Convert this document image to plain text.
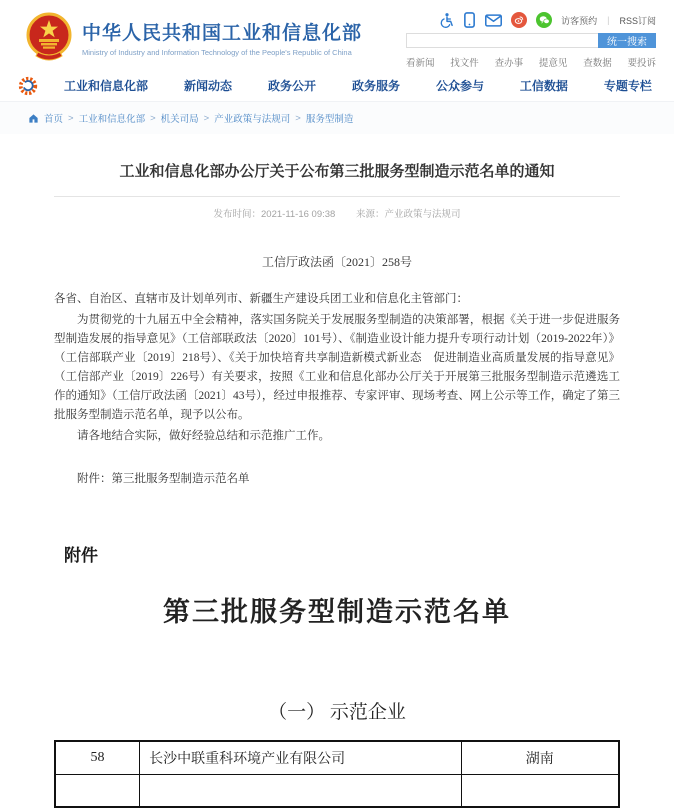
中华人民共和国工业和信息化部
Ministry of Industry and Information Technology of the People's Republic of China
访客预约 | RSS订阅
统一搜索
看新闻 找文件 查办事 提意见 查数据 要投诉
工业和信息化部	新闻动态	政务公开	政务服务	公众参与	工信数据	专题专栏
首页 > 工业和信息化部 > 机关司局 > 产业政策与法规司 > 服务型制造
工业和信息化部办公厅关于公布第三批服务型制造示范名单的通知
发布时间：2021-11-16 09:38 来源：产业政策与法规司
工信厅政法函〔2021〕258号
各省、自治区、直辖市及计划单列市、新疆生产建设兵团工业和信息化主管部门：
为贯彻党的十九届五中全会精神，落实国务院关于发展服务型制造的决策部署，根据《关于进一步促进服务型制造发展的指导意见》（工信部联政法〔2020〕101号）、《制造业设计能力提升专项行动计划（2019-2022年）》（工信部联产业〔2019〕218号）、《关于加快培育共享制造新模式新业态　促进制造业高质量发展的指导意见》（工信部产业〔2019〕226号）有关要求，按照《工业和信息化部办公厅关于开展第三批服务型制造示范遴选工作的通知》（工信厅政法函〔2021〕43号），经过申报推荐、专家评审、现场考查、网上公示等工作，确定了第三批服务型制造示范名单，现予以公布。
请各地结合实际，做好经验总结和示范推广工作。
附件：第三批服务型制造示范名单
附件
第三批服务型制造示范名单
（一） 示范企业
58	长沙中联重科环境产业有限公司	湖南
